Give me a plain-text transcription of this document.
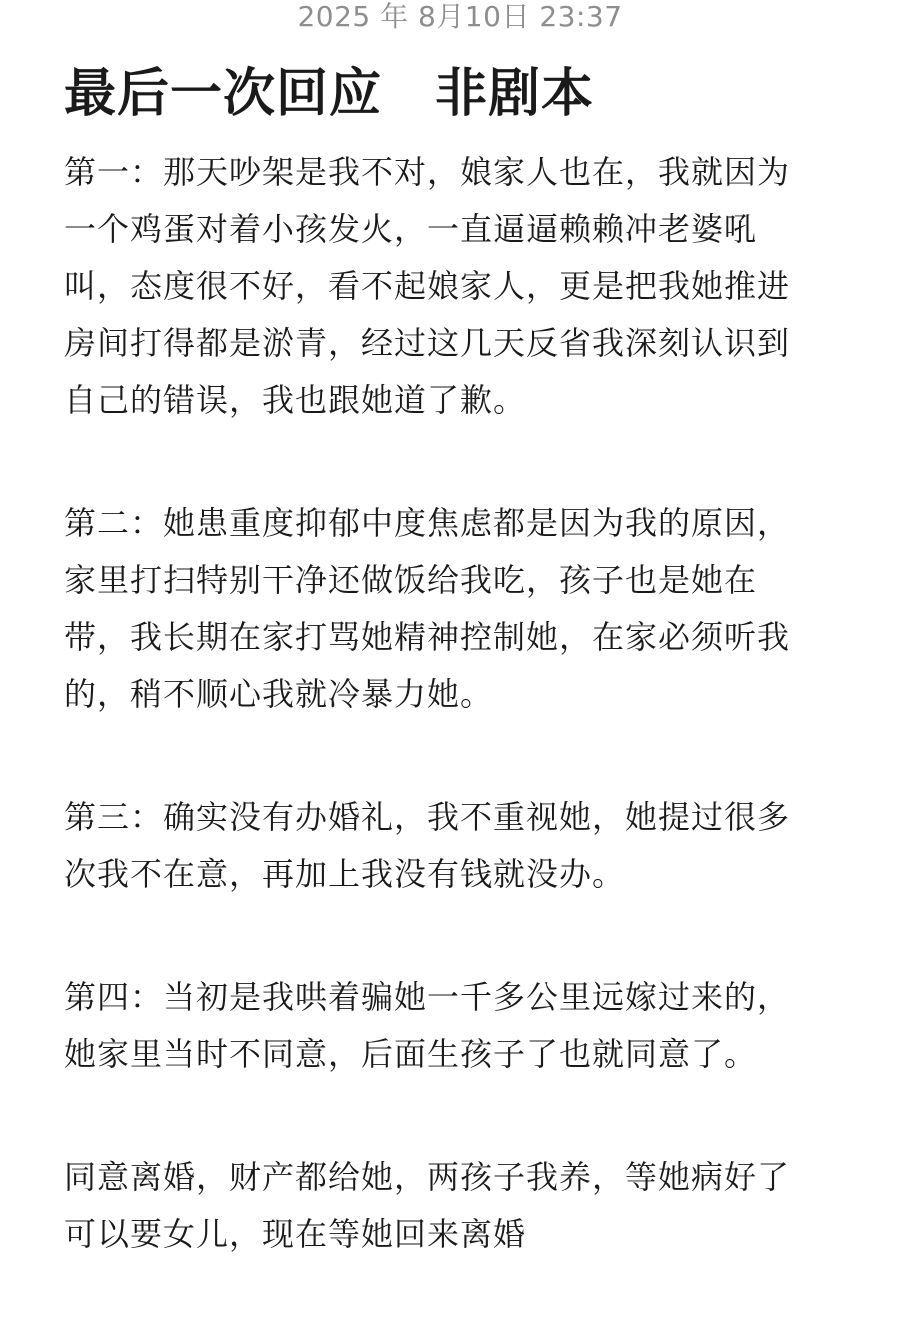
2025 年 8月10日 23:37
最后一次回应　非剧本

第一：那天吵架是我不对，娘家人也在，我就因为
一个鸡蛋对着小孩发火，一直逼逼赖赖冲老婆吼
叫，态度很不好，看不起娘家人，更是把我她推进
房间打得都是淤青，经过这几天反省我深刻认识到
自己的错误，我也跟她道了歉。

第二：她患重度抑郁中度焦虑都是因为我的原因，
家里打扫特别干净还做饭给我吃，孩子也是她在
带，我长期在家打骂她精神控制她，在家必须听我
的，稍不顺心我就冷暴力她。

第三：确实没有办婚礼，我不重视她，她提过很多
次我不在意，再加上我没有钱就没办。

第四：当初是我哄着骗她一千多公里远嫁过来的，
她家里当时不同意，后面生孩子了也就同意了。

同意离婚，财产都给她，两孩子我养，等她病好了
可以要女儿，现在等她回来离婚
